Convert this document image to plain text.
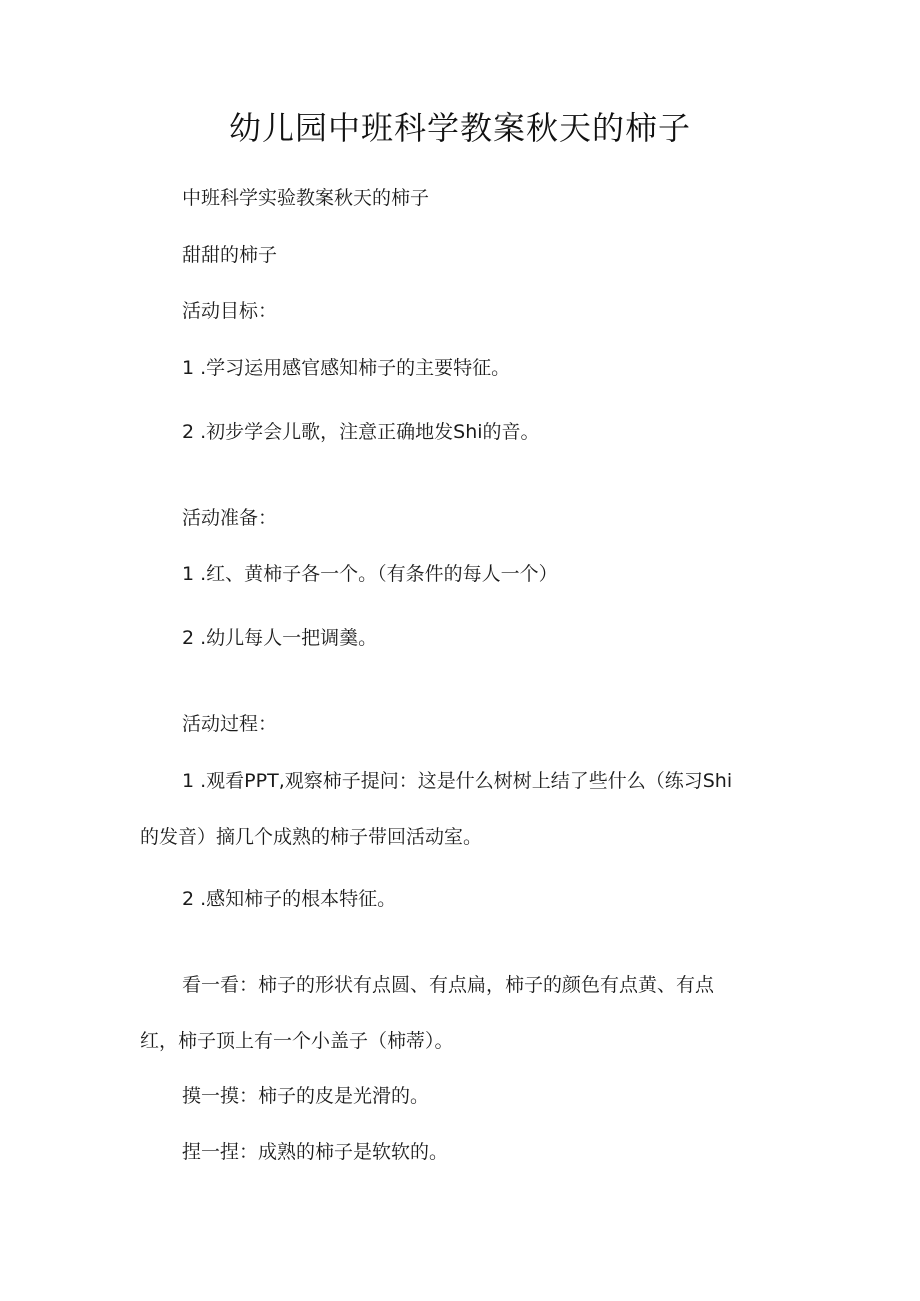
幼儿园中班科学教案秋天的柿子

中班科学实验教案秋天的柿子

甜甜的柿子

活动目标：

1 .学习运用感官感知柿子的主要特征。

2 .初步学会儿歌，注意正确地发Shi的音。

活动准备：

1 .红、黄柿子各一个。（有条件的每人一个）

2 .幼儿每人一把调羹。

活动过程：

1 .观看PPT,观察柿子提问：这是什么树树上结了些什么（练习Shi

的发音）摘几个成熟的柿子带回活动室。

2 .感知柿子的根本特征。

看一看：柿子的形状有点圆、有点扁，柿子的颜色有点黄、有点

红，柿子顶上有一个小盖子（柿蒂）。

摸一摸：柿子的皮是光滑的。

捏一捏：成熟的柿子是软软的。
